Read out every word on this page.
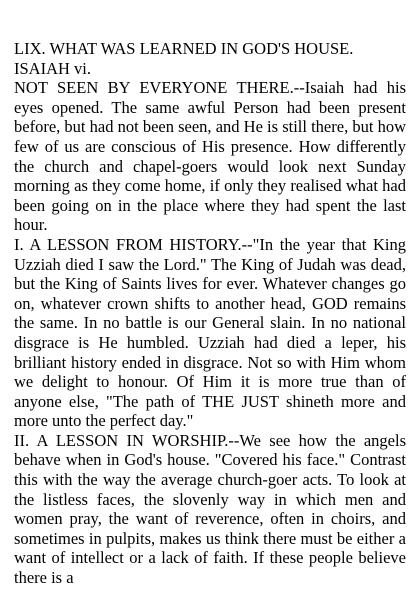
LIX. WHAT WAS LEARNED IN GOD'S HOUSE. ISAIAH vi.

NOT SEEN BY EVERYONE THERE.--Isaiah had his eyes opened. The same awful Person had been present before, but had not been seen, and He is still there, but how few of us are conscious of His presence. How differently the church and chapel-goers would look next Sunday morning as they come home, if only they realised what had been going on in the place where they had spent the last hour.

I. A LESSON FROM HISTORY.--"In the year that King Uzziah died I saw the Lord." The King of Judah was dead, but the King of Saints lives for ever. Whatever changes go on, whatever crown shifts to another head, GOD remains the same. In no battle is our General slain. In no national disgrace is He humbled. Uzziah had died a leper, his brilliant history ended in disgrace. Not so with Him whom we delight to honour. Of Him it is more true than of anyone else, "The path of THE JUST shineth more and more unto the perfect day."

II. A LESSON IN WORSHIP.--We see how the angels behave when in God's house. "Covered his face." Contrast this with the way the average church-goer acts. To look at the listless faces, the slovenly way in which men and women pray, the want of reverence, often in choirs, and sometimes in pulpits, makes us think there must be either a want of intellect or a lack of faith. If these people believe there is a
